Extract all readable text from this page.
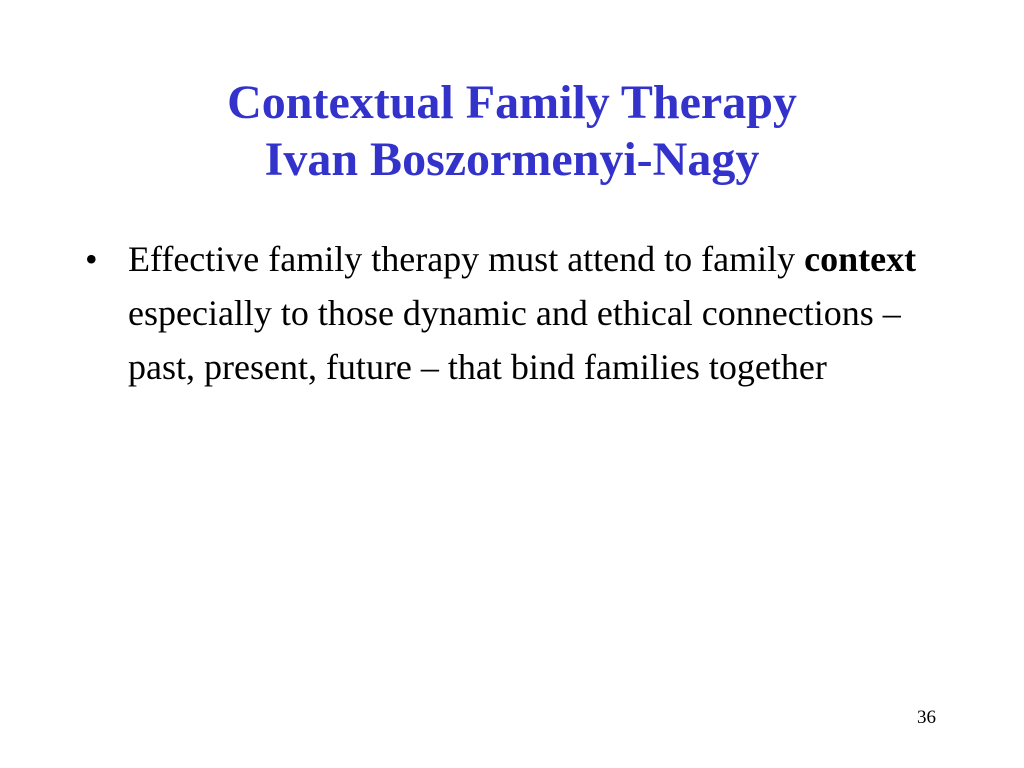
Contextual Family Therapy
Ivan Boszormenyi-Nagy
• Effective family therapy must attend to family context especially to those dynamic and ethical connections – past, present, future – that bind families together
36
